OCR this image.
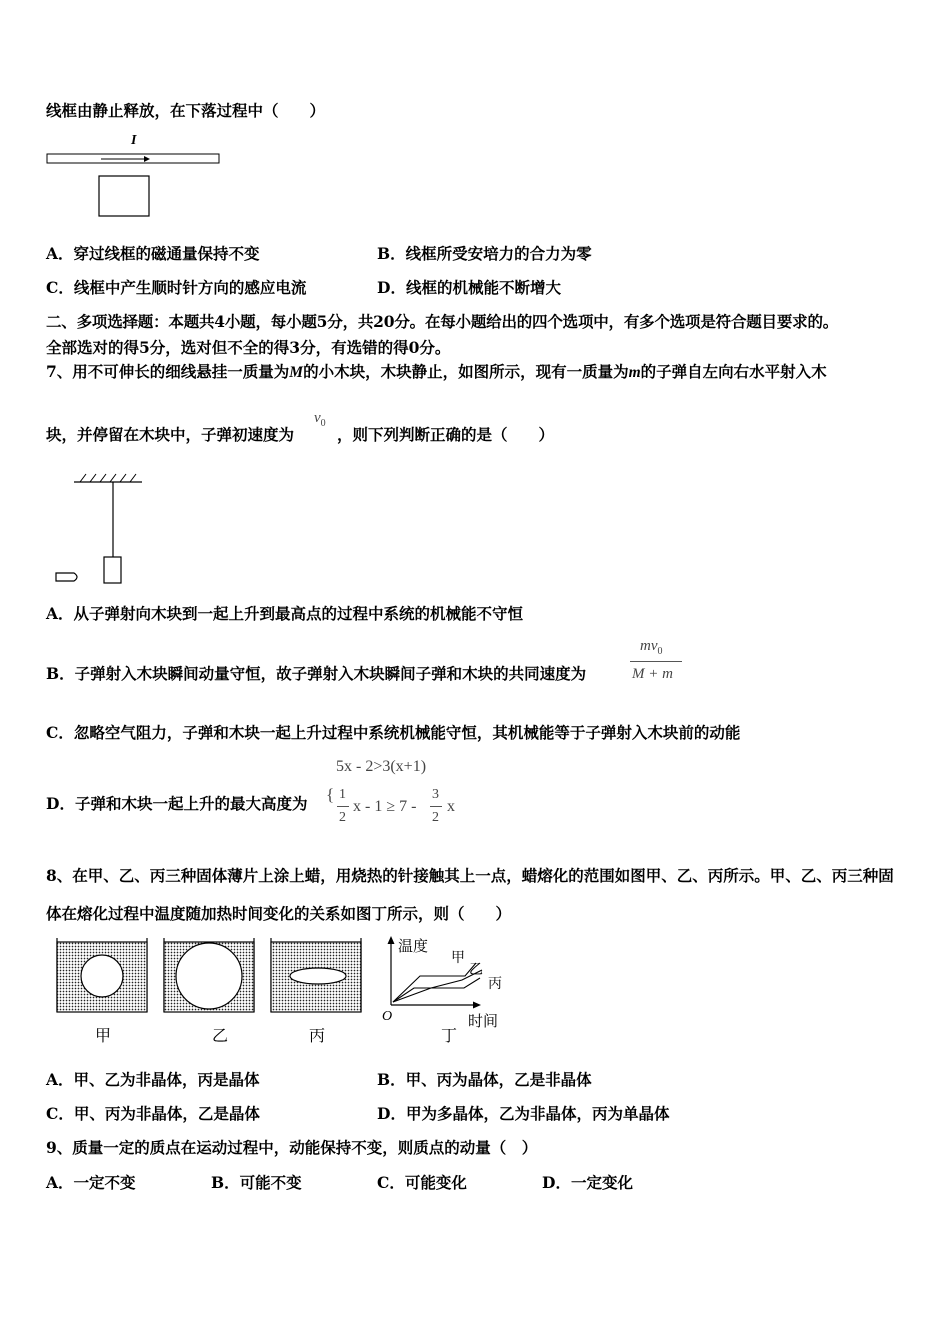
线框由静止释放，在下落过程中（　　）
I
A．穿过线框的磁通量保持不变	B．线框所受安培力的合力为零
C．线框中产生顺时针方向的感应电流	D．线框的机械能不断增大
二、多项选择题：本题共4小题，每小题5分，共20分。在每小题给出的四个选项中，有多个选项是符合题目要求的。
全部选对的得5分，选对但不全的得3分，有选错的得0分。
7、用不可伸长的细线悬挂一质量为M的小木块，木块静止，如图所示，现有一质量为m的子弹自左向右水平射入木
块，并停留在木块中，子弹初速度为
$v_0$
，则下列判断正确的是（　　）
A．从子弹射向木块到一起上升到最高点的过程中系统的机械能不守恒
B．子弹射入木块瞬间动量守恒，故子弹射入木块瞬间子弹和木块的共同速度为
$mv_0$
M + m
C．忽略空气阻力，子弹和木块一起上升过程中系统机械能守恒，其机械能等于子弹射入木块前的动能
5x - 2>3(x+1)
D．子弹和木块一起上升的最大高度为 { 1
2
x - 1 ≥ 7 -
3
2
x
8、在甲、乙、丙三种固体薄片上涂上蜡，用烧热的针接触其上一点，蜡熔化的范围如图甲、乙、丙所示。甲、乙、丙三种固
体在熔化过程中温度随加热时间变化的关系如图丁所示，则（　　）
甲	乙	丙
温度
时间
O
甲
乙
丙
丁
A．甲、乙为非晶体，丙是晶体	B．甲、丙为晶体，乙是非晶体
C．甲、丙为非晶体，乙是晶体	D．甲为多晶体，乙为非晶体，丙为单晶体
9、质量一定的质点在运动过程中，动能保持不变，则质点的动量（　）
A．一定不变	B．可能不变	C．可能变化	D．一定变化
